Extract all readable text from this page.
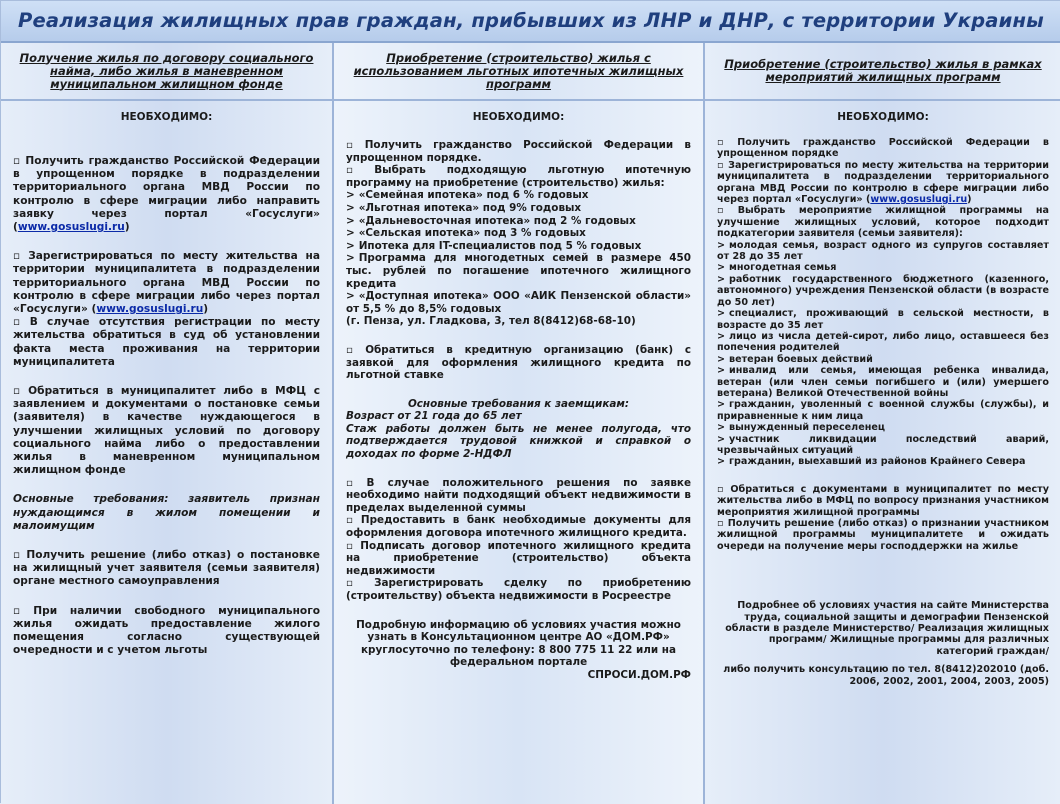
Реализация жилищных прав граждан, прибывших из ЛНР и ДНР, с территории Украины
Получение жилья по договору социального найма, либо жилья в маневренном муниципальном жилищном фонде
НЕОБХОДИМО:

▫ Получить гражданство Российской Федерации в упрощенном порядке в подразделении территориального органа МВД России по контролю в сфере миграции либо направить заявку через портал «Госуслуги» (www.gosuslugi.ru)

▫ Зарегистрироваться по месту жительства на территории муниципалитета в подразделении территориального органа МВД России по контролю в сфере миграции либо через портал «Госуслуги» (www.gosuslugi.ru)

▫ В случае отсутствия регистрации по месту жительства обратиться в суд об установлении факта места проживания на территории муниципалитета

▫ Обратиться в муниципалитет либо в МФЦ с заявлением и документами о постановке семьи (заявителя) в качестве нуждающегося в улучшении жилищных условий по договору социального найма либо о предоставлении жилья в маневренном муниципальном жилищном фонде

Основные требования: заявитель признан нуждающимся в жилом помещении и малоимущим

▫ Получить решение (либо отказ) о постановке на жилищный учет заявителя (семьи заявителя) органе местного самоуправления

▫ При наличии свободного муниципального жилья ожидать предоставление жилого помещения согласно существующей очередности и с учетом льготы

Приобретение (строительство) жилья с использованием льготных ипотечных жилищных программ
НЕОБХОДИМО:

▫ Получить гражданство Российской Федерации в упрощенном порядке.

▫ Выбрать подходящую льготную ипотечную программу на приобретение (строительство) жилья:

> «Семейная ипотека» под 6 % годовых

> «Льготная ипотека» под 9% годовых

> «Дальневосточная ипотека» под 2 % годовых

> «Сельская ипотека» под 3 % годовых

> Ипотека для IT-специалистов под 5 % годовых

> Программа для многодетных семей в размере 450 тыс. рублей по погашение ипотечного жилищного кредита

> «Доступная ипотека» ООО «АИК Пензенской области» от 5,5 % до 8,5% годовых

(г. Пенза, ул. Гладкова, 3, тел 8(8412)68-68-10)

▫ Обратиться в кредитную организацию (банк) с заявкой для оформления жилищного кредита по льготной ставке

Основные требования к заемщикам:

Возраст от 21 года до 65 лет

Стаж работы должен быть не менее полугода, что подтверждается трудовой книжкой и справкой о доходах по форме 2-НДФЛ

▫ В случае положительного решения по заявке необходимо найти подходящий объект недвижимости в пределах выделенной суммы

▫ Предоставить в банк необходимые документы для оформления договора ипотечного жилищного кредита.

▫ Подписать договор ипотечного жилищного кредита на приобретение (строительство) объекта недвижимости

▫ Зарегистрировать сделку по приобретению (строительству) объекта недвижимости в Росреестре

Подробную информацию об условиях участия можно узнать в Консультационном центре АО «ДОМ.РФ» круглосуточно по телефону: 8 800 775 11 22 или на федеральном портале

СПРОСИ.ДОМ.РФ

Приобретение (строительство) жилья в рамках мероприятий жилищных программ
НЕОБХОДИМО:

▫ Получить гражданство Российской Федерации в упрощенном порядке

▫ Зарегистрироваться по месту жительства на территории муниципалитета в подразделении территориального органа МВД России по контролю в сфере миграции либо через портал «Госуслуги» (www.gosuslugi.ru)

▫ Выбрать мероприятие жилищной программы на улучшение жилищных условий, которое подходит подкатегории заявителя (семьи заявителя):

> молодая семья, возраст одного из супругов составляет от 28 до 35 лет

> многодетная семья

> работник государственного бюджетного (казенного, автономного) учреждения Пензенской области (в возрасте до 50 лет)

> специалист, проживающий в сельской местности, в возрасте до 35 лет

> лицо из числа детей-сирот, либо лицо, оставшееся без попечения родителей

> ветеран боевых действий

> инвалид или семья, имеющая ребенка инвалида, ветеран (или член семьи погибшего и (или) умершего ветерана) Великой Отечественной войны

> гражданин, уволенный с военной службы (службы), и приравненные к ним лица

> вынужденный переселенец

> участник ликвидации последствий аварий, чрезвычайных ситуаций

> гражданин, выехавший из районов Крайнего Севера

▫ Обратиться с документами в муниципалитет по месту жительства либо в МФЦ по вопросу признания участником мероприятия жилищной программы

▫ Получить решение (либо отказ) о признании участником жилищной программы муниципалитете и ожидать очереди на получение меры господдержки на жилье

Подробнее об условиях участия на сайте Министерства труда, социальной защиты и демографии Пензенской области в разделе Министерство/ Реализация жилищных программ/ Жилищные программы для различных категорий граждан/

либо получить консультацию по тел. 8(8412)202010 (доб. 2006, 2002, 2001, 2004, 2003, 2005)
